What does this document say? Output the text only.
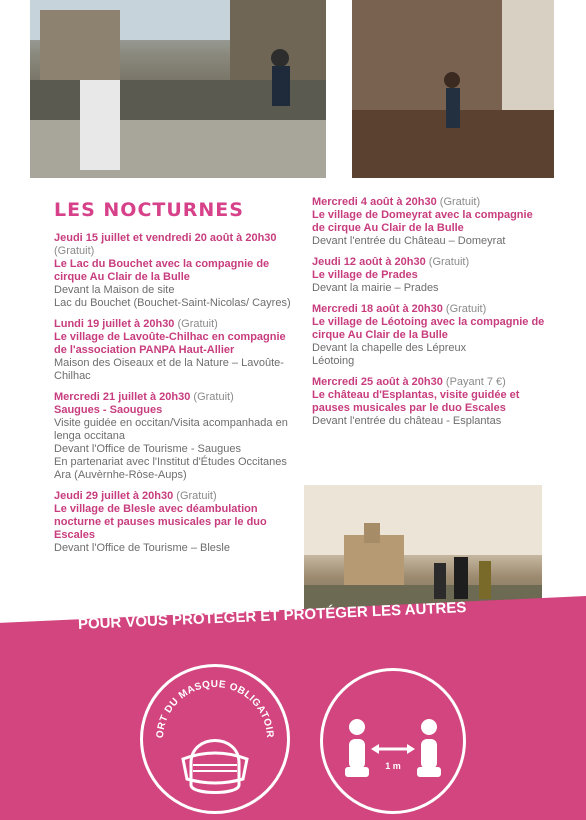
LES NOCTURNES
Jeudi 15 juillet et vendredi 20 août à 20h30 (Gratuit)
Le Lac du Bouchet avec la compagnie de cirque Au Clair de la Bulle
Devant la Maison de site
Lac du Bouchet (Bouchet-Saint-Nicolas/ Cayres)
Lundi 19 juillet à 20h30 (Gratuit)
Le village de Lavoûte-Chilhac en compagnie de l'association PANPA Haut-Allier
Maison des Oiseaux et de la Nature – Lavoûte-Chilhac
Mercredi 21 juillet à 20h30 (Gratuit)
Saugues - Saougues
Visite guidée en occitan/Visita acompanhada en lenga occitana
Devant l'Office de Tourisme - Saugues
En partenariat avec l'Institut d'Études Occitanes Ara (Auvèrnhe-Ròse-Aups)
Jeudi 29 juillet à 20h30 (Gratuit)
Le village de Blesle avec déambulation nocturne et pauses musicales par le duo Escales
Devant l'Office de Tourisme – Blesle
Mercredi 4 août à 20h30 (Gratuit)
Le village de Domeyrat avec la compagnie de cirque Au Clair de la Bulle
Devant l'entrée du Château – Domeyrat
Jeudi 12 août à 20h30 (Gratuit)
Le village de Prades
Devant la mairie – Prades
Mercredi 18 août à 20h30 (Gratuit)
Le village de Léotoing avec la compagnie de cirque Au Clair de la Bulle
Devant la chapelle des Lépreux
Léotoing
Mercredi 25 août à 20h30 (Payant 7 €)
Le château d'Esplantas, visite guidée et pauses musicales par le duo Escales
Devant l'entrée du château - Esplantas
POUR VOUS PROTÉGER ET PROTÉGER LES AUTRES
ORT DU MASQUE OBLIGATOIR
1 m
